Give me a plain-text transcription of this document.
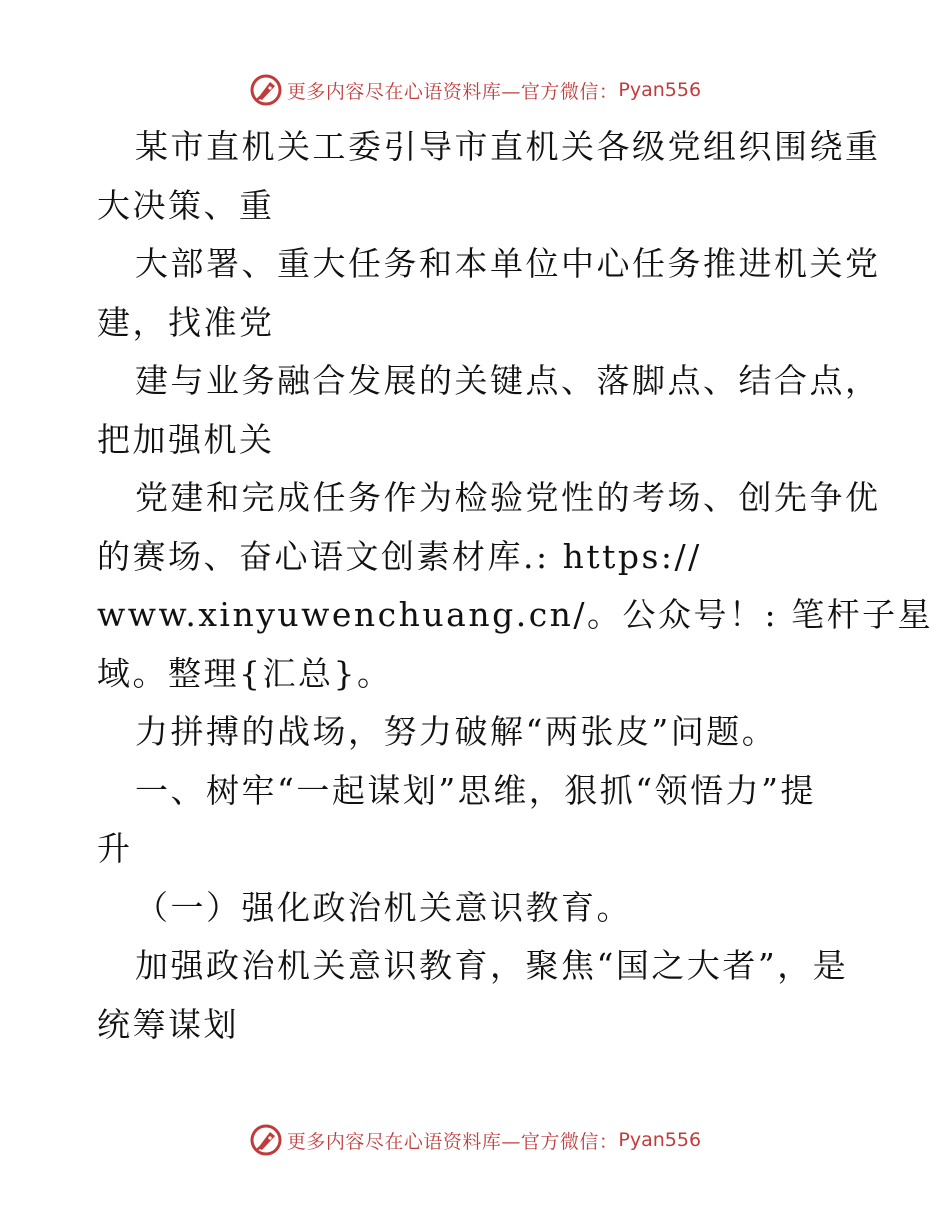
更多内容尽在心语资料库—官方微信： Pyan556
某市直机关工委引导市直机关各级党组织围绕重
大决策、重
大部署、重大任务和本单位中心任务推进机关党
建，找准党
建与业务融合发展的关键点、落脚点、结合点，
把加强机关
党建和完成任务作为检验党性的考场、创先争优
的赛场、奋心语文创素材库.: https://
www.xinyuwenchuang.cn/。公众号！: 笔杆子星
域。整理{汇总}。
力拼搏的战场，努力破解“两张皮”问题。
一、树牢“一起谋划”思维，狠抓“领悟力”提
升
（一）强化政治机关意识教育。
加强政治机关意识教育，聚焦“国之大者”，是
统筹谋划
更多内容尽在心语资料库—官方微信： Pyan556
